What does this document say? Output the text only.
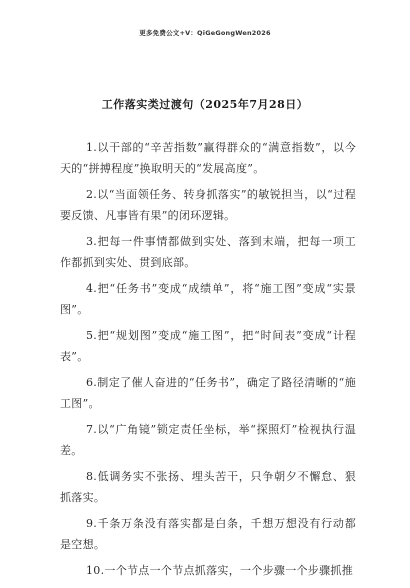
更多免费公文+V：QiGeGongWen2026
工作落实类过渡句（2025年7月28日）

1.以干部的“辛苦指数”赢得群众的“满意指数”，以今天的“拼搏程度”换取明天的“发展高度”。

2.以“当面领任务、转身抓落实”的敏锐担当，以“过程要反馈、凡事皆有果”的闭环逻辑。

3.把每一件事情都做到实处、落到末端，把每一项工作都抓到实处、贯到底部。

4.把“任务书”变成“成绩单”，将“施工图”变成“实景图”。

5.把“规划图”变成“施工图”，把“时间表”变成“计程表”。

6.制定了催人奋进的“任务书”，确定了路径清晰的“施工图”。

7.以“广角镜”锁定责任坐标，举“探照灯”检视执行温差。

8.低调务实不张扬、埋头苦干，只争朝夕不懈怠、狠抓落实。

9.千条万条没有落实都是白条，千想万想没有行动都是空想。

10.一个节点一个节点抓落实，一个步骤一个步骤抓推
